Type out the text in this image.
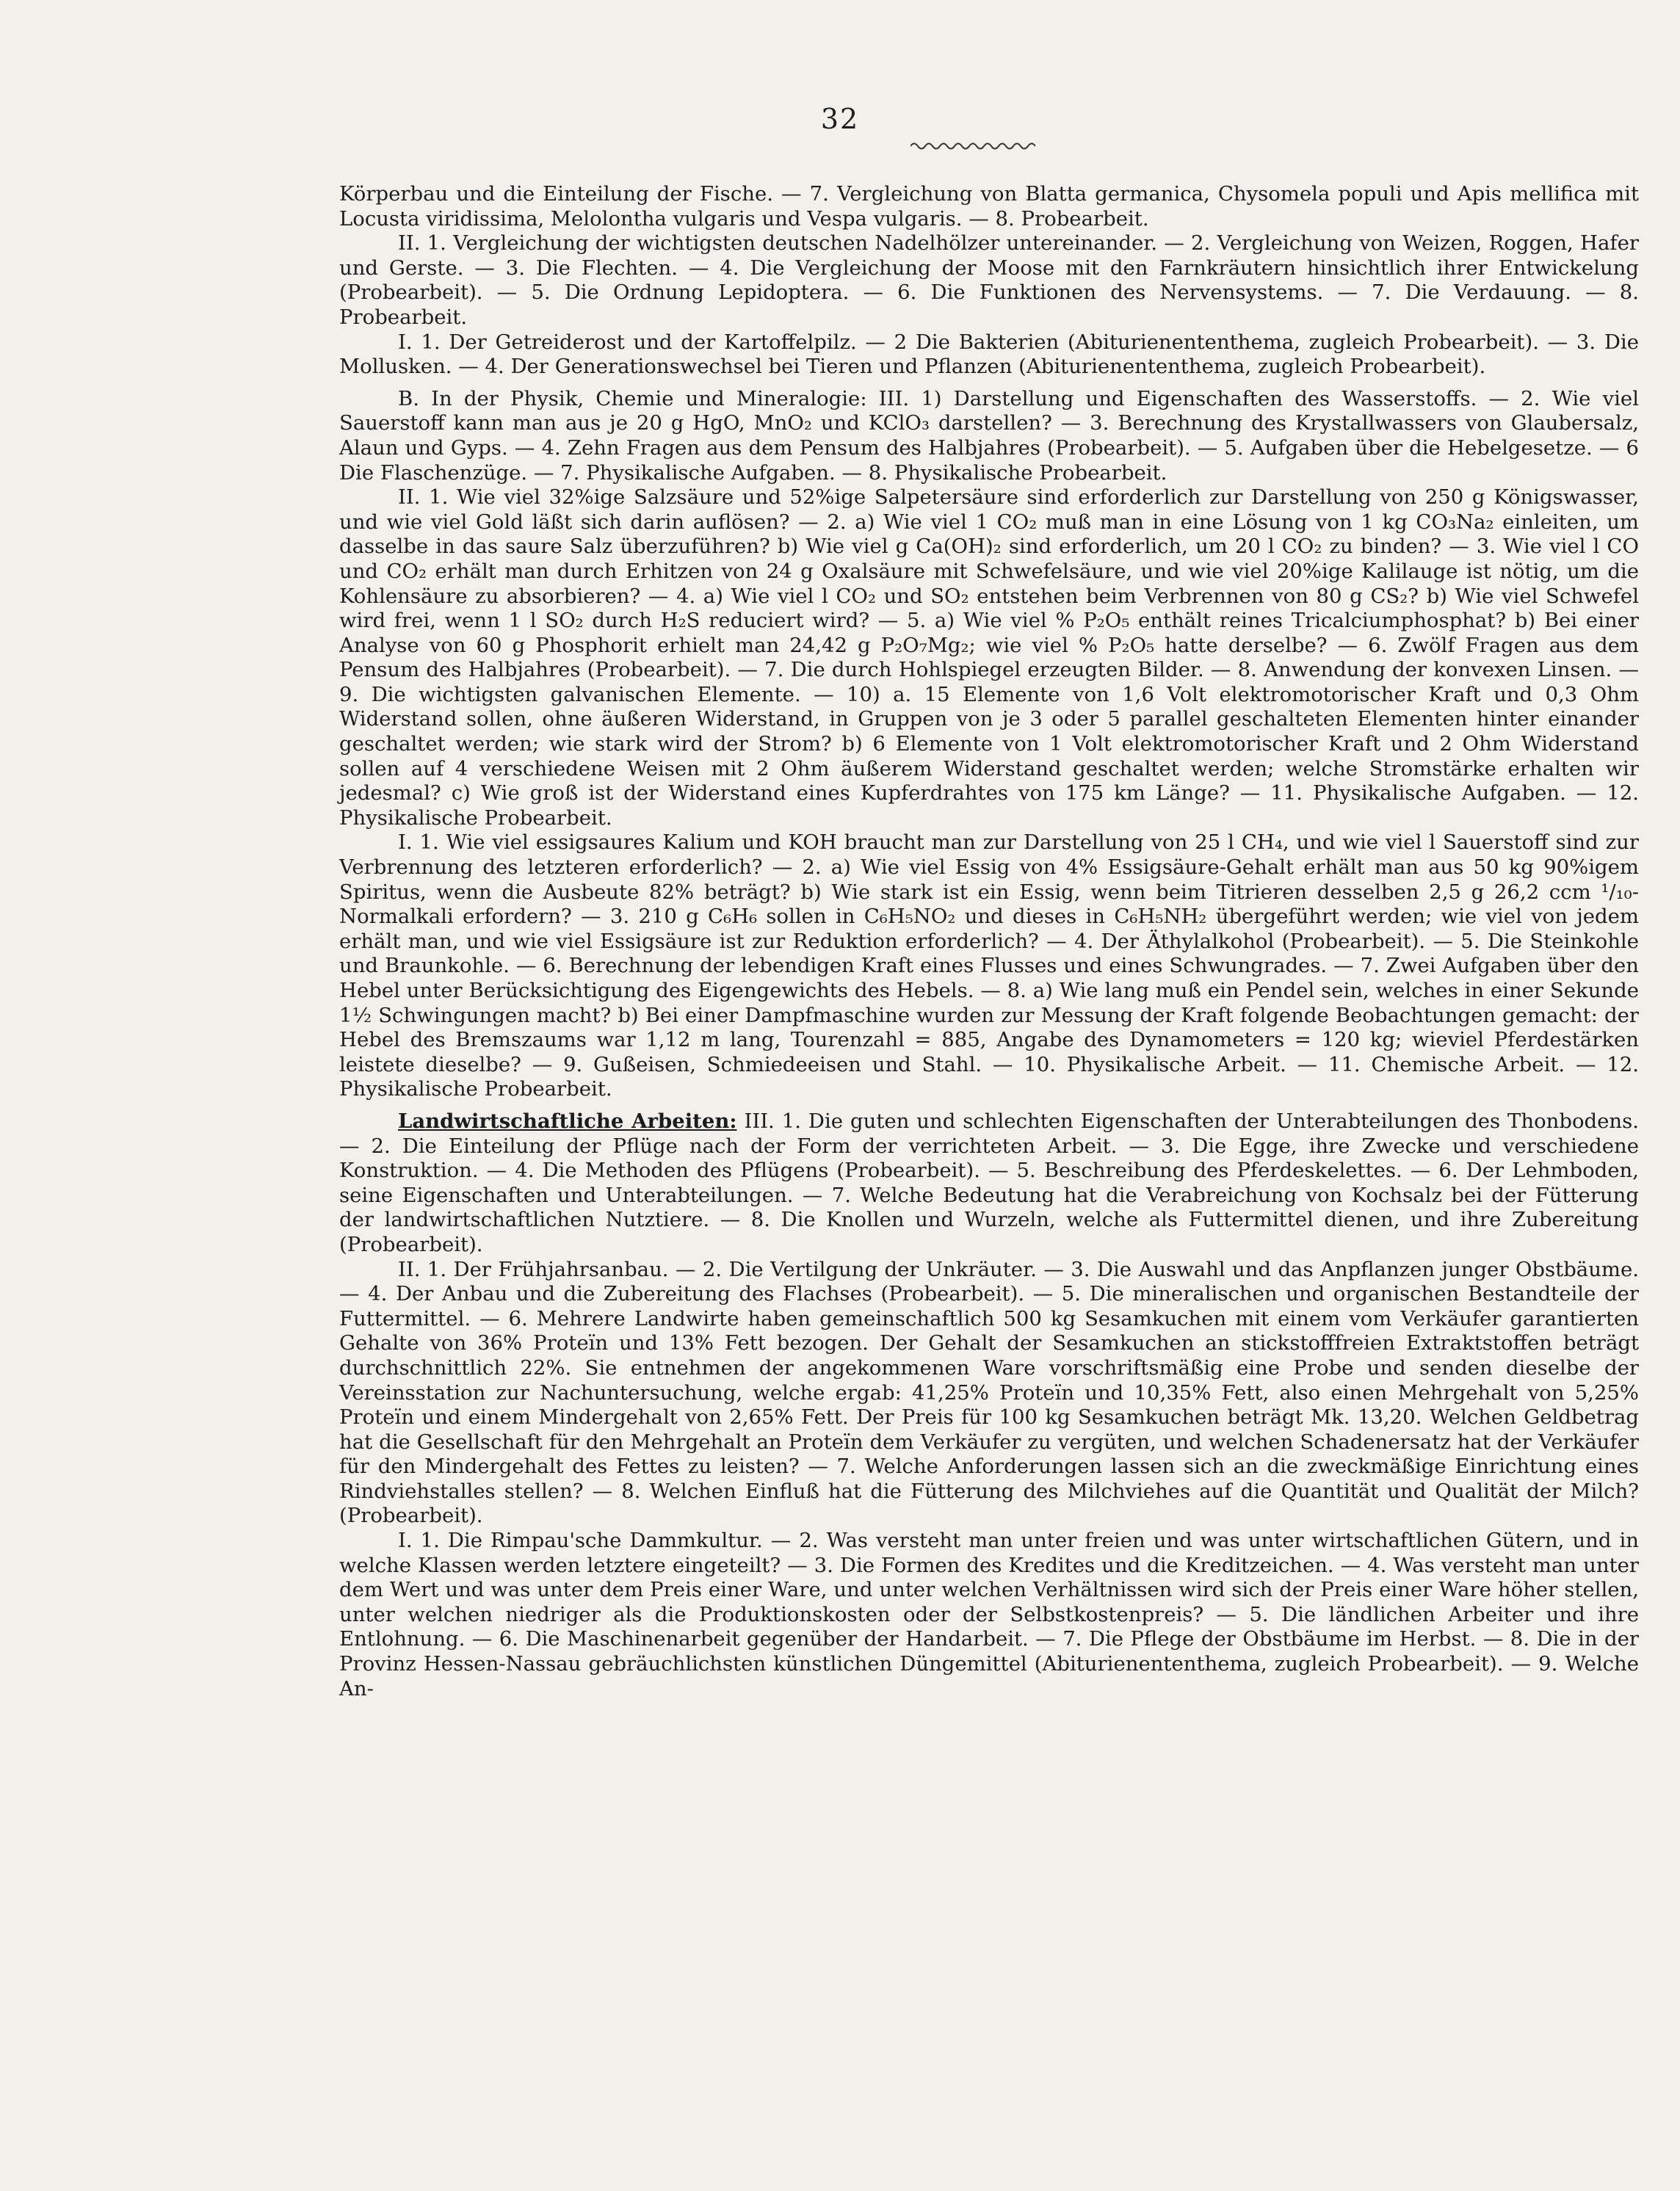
32

Körperbau und die Einteilung der Fische. — 7. Vergleichung von Blatta germanica, Chysomela populi und Apis mellifica mit Locusta viridissima, Melolontha vulgaris und Vespa vulgaris. — 8. Probearbeit.

II. 1. Vergleichung der wichtigsten deutschen Nadelhölzer untereinander. — 2. Vergleichung von Weizen, Roggen, Hafer und Gerste. — 3. Die Flechten. — 4. Die Vergleichung der Moose mit den Farnkräutern hinsichtlich ihrer Entwickelung (Probearbeit). — 5. Die Ordnung Lepidoptera. — 6. Die Funktionen des Nervensystems. — 7. Die Verdauung. — 8. Probearbeit.

I. 1. Der Getreiderost und der Kartoffelpilz. — 2 Die Bakterien (Abiturienententhema, zugleich Probearbeit). — 3. Die Mollusken. — 4. Der Generationswechsel bei Tieren und Pflanzen (Abiturienententhema, zugleich Probearbeit).

B. In der Physik, Chemie und Mineralogie: III. 1) Darstellung und Eigenschaften des Wasserstoffs. — 2. Wie viel Sauerstoff kann man aus je 20 g HgO, MnO₂ und KClO₃ darstellen? — 3. Berechnung des Krystallwassers von Glaubersalz, Alaun und Gyps. — 4. Zehn Fragen aus dem Pensum des Halbjahres (Probearbeit). — 5. Aufgaben über die Hebelgesetze. — 6 Die Flaschenzüge. — 7. Physikalische Aufgaben. — 8. Physikalische Probearbeit.

II. 1. Wie viel 32%ige Salzsäure und 52%ige Salpetersäure sind erforderlich zur Darstellung von 250 g Königswasser, und wie viel Gold läßt sich darin auflösen? — 2. a) Wie viel 1 CO₂ muß man in eine Lösung von 1 kg CO₃Na₂ einleiten, um dasselbe in das saure Salz überzuführen? b) Wie viel g Ca(OH)₂ sind erforderlich, um 20 l CO₂ zu binden? — 3. Wie viel l CO und CO₂ erhält man durch Erhitzen von 24 g Oxalsäure mit Schwefelsäure, und wie viel 20%ige Kalilauge ist nötig, um die Kohlensäure zu absorbieren? — 4. a) Wie viel l CO₂ und SO₂ entstehen beim Verbrennen von 80 g CS₂? b) Wie viel Schwefel wird frei, wenn 1 l SO₂ durch H₂S reduciert wird? — 5. a) Wie viel % P₂O₅ enthält reines Tricalciumphosphat? b) Bei einer Analyse von 60 g Phosphorit erhielt man 24,42 g P₂O₇Mg₂; wie viel % P₂O₅ hatte derselbe? — 6. Zwölf Fragen aus dem Pensum des Halbjahres (Probearbeit). — 7. Die durch Hohlspiegel erzeugten Bilder. — 8. Anwendung der konvexen Linsen. — 9. Die wichtigsten galvanischen Elemente. — 10) a. 15 Elemente von 1,6 Volt elektromotorischer Kraft und 0,3 Ohm Widerstand sollen, ohne äußeren Widerstand, in Gruppen von je 3 oder 5 parallel geschalteten Elementen hinter einander geschaltet werden; wie stark wird der Strom? b) 6 Elemente von 1 Volt elektromotorischer Kraft und 2 Ohm Widerstand sollen auf 4 verschiedene Weisen mit 2 Ohm äußerem Widerstand geschaltet werden; welche Stromstärke erhalten wir jedesmal? c) Wie groß ist der Widerstand eines Kupferdrahtes von 175 km Länge? — 11. Physikalische Aufgaben. — 12. Physikalische Probearbeit.

I. 1. Wie viel essigsaures Kalium und KOH braucht man zur Darstellung von 25 l CH₄, und wie viel l Sauerstoff sind zur Verbrennung des letzteren erforderlich? — 2. a) Wie viel Essig von 4% Essigsäure-Gehalt erhält man aus 50 kg 90%igem Spiritus, wenn die Ausbeute 82% beträgt? b) Wie stark ist ein Essig, wenn beim Titrieren desselben 2,5 g 26,2 ccm ¹/₁₀-Normalkali erfordern? — 3. 210 g C₆H₆ sollen in C₆H₅NO₂ und dieses in C₆H₅NH₂ übergeführt werden; wie viel von jedem erhält man, und wie viel Essigsäure ist zur Reduktion erforderlich? — 4. Der Äthylalkohol (Probearbeit). — 5. Die Steinkohle und Braunkohle. — 6. Berechnung der lebendigen Kraft eines Flusses und eines Schwungrades. — 7. Zwei Aufgaben über den Hebel unter Berücksichtigung des Eigengewichts des Hebels. — 8. a) Wie lang muß ein Pendel sein, welches in einer Sekunde 1½ Schwingungen macht? b) Bei einer Dampfmaschine wurden zur Messung der Kraft folgende Beobachtungen gemacht: der Hebel des Bremszaums war 1,12 m lang, Tourenzahl = 885, Angabe des Dynamometers = 120 kg; wieviel Pferdestärken leistete dieselbe? — 9. Gußeisen, Schmiedeeisen und Stahl. — 10. Physikalische Arbeit. — 11. Chemische Arbeit. — 12. Physikalische Probearbeit.

Landwirtschaftliche Arbeiten: III. 1. Die guten und schlechten Eigenschaften der Unterabteilungen des Thonbodens. — 2. Die Einteilung der Pflüge nach der Form der verrichteten Arbeit. — 3. Die Egge, ihre Zwecke und verschiedene Konstruktion. — 4. Die Methoden des Pflügens (Probearbeit). — 5. Beschreibung des Pferdeskelettes. — 6. Der Lehmboden, seine Eigenschaften und Unterabteilungen. — 7. Welche Bedeutung hat die Verabreichung von Kochsalz bei der Fütterung der landwirtschaftlichen Nutztiere. — 8. Die Knollen und Wurzeln, welche als Futtermittel dienen, und ihre Zubereitung (Probearbeit).

II. 1. Der Frühjahrsanbau. — 2. Die Vertilgung der Unkräuter. — 3. Die Auswahl und das Anpflanzen junger Obstbäume. — 4. Der Anbau und die Zubereitung des Flachses (Probearbeit). — 5. Die mineralischen und organischen Bestandteile der Futtermittel. — 6. Mehrere Landwirte haben gemeinschaftlich 500 kg Sesamkuchen mit einem vom Verkäufer garantierten Gehalte von 36% Proteïn und 13% Fett bezogen. Der Gehalt der Sesamkuchen an stickstofffreien Extraktstoffen beträgt durchschnittlich 22%. Sie entnehmen der angekommenen Ware vorschriftsmäßig eine Probe und senden dieselbe der Vereinsstation zur Nachuntersuchung, welche ergab: 41,25% Proteïn und 10,35% Fett, also einen Mehrgehalt von 5,25% Proteïn und einem Mindergehalt von 2,65% Fett. Der Preis für 100 kg Sesamkuchen beträgt Mk. 13,20. Welchen Geldbetrag hat die Gesellschaft für den Mehrgehalt an Proteïn dem Verkäufer zu vergüten, und welchen Schadenersatz hat der Verkäufer für den Mindergehalt des Fettes zu leisten? — 7. Welche Anforderungen lassen sich an die zweckmäßige Einrichtung eines Rindviehstalles stellen? — 8. Welchen Einfluß hat die Fütterung des Milchviehes auf die Quantität und Qualität der Milch? (Probearbeit).

I. 1. Die Rimpau'sche Dammkultur. — 2. Was versteht man unter freien und was unter wirtschaftlichen Gütern, und in welche Klassen werden letztere eingeteilt? — 3. Die Formen des Kredites und die Kreditzeichen. — 4. Was versteht man unter dem Wert und was unter dem Preis einer Ware, und unter welchen Verhältnissen wird sich der Preis einer Ware höher stellen, unter welchen niedriger als die Produktionskosten oder der Selbstkostenpreis? — 5. Die ländlichen Arbeiter und ihre Entlohnung. — 6. Die Maschinenarbeit gegenüber der Handarbeit. — 7. Die Pflege der Obstbäume im Herbst. — 8. Die in der Provinz Hessen-Nassau gebräuchlichsten künstlichen Düngemittel (Abiturienententhema, zugleich Probearbeit). — 9. Welche An-
